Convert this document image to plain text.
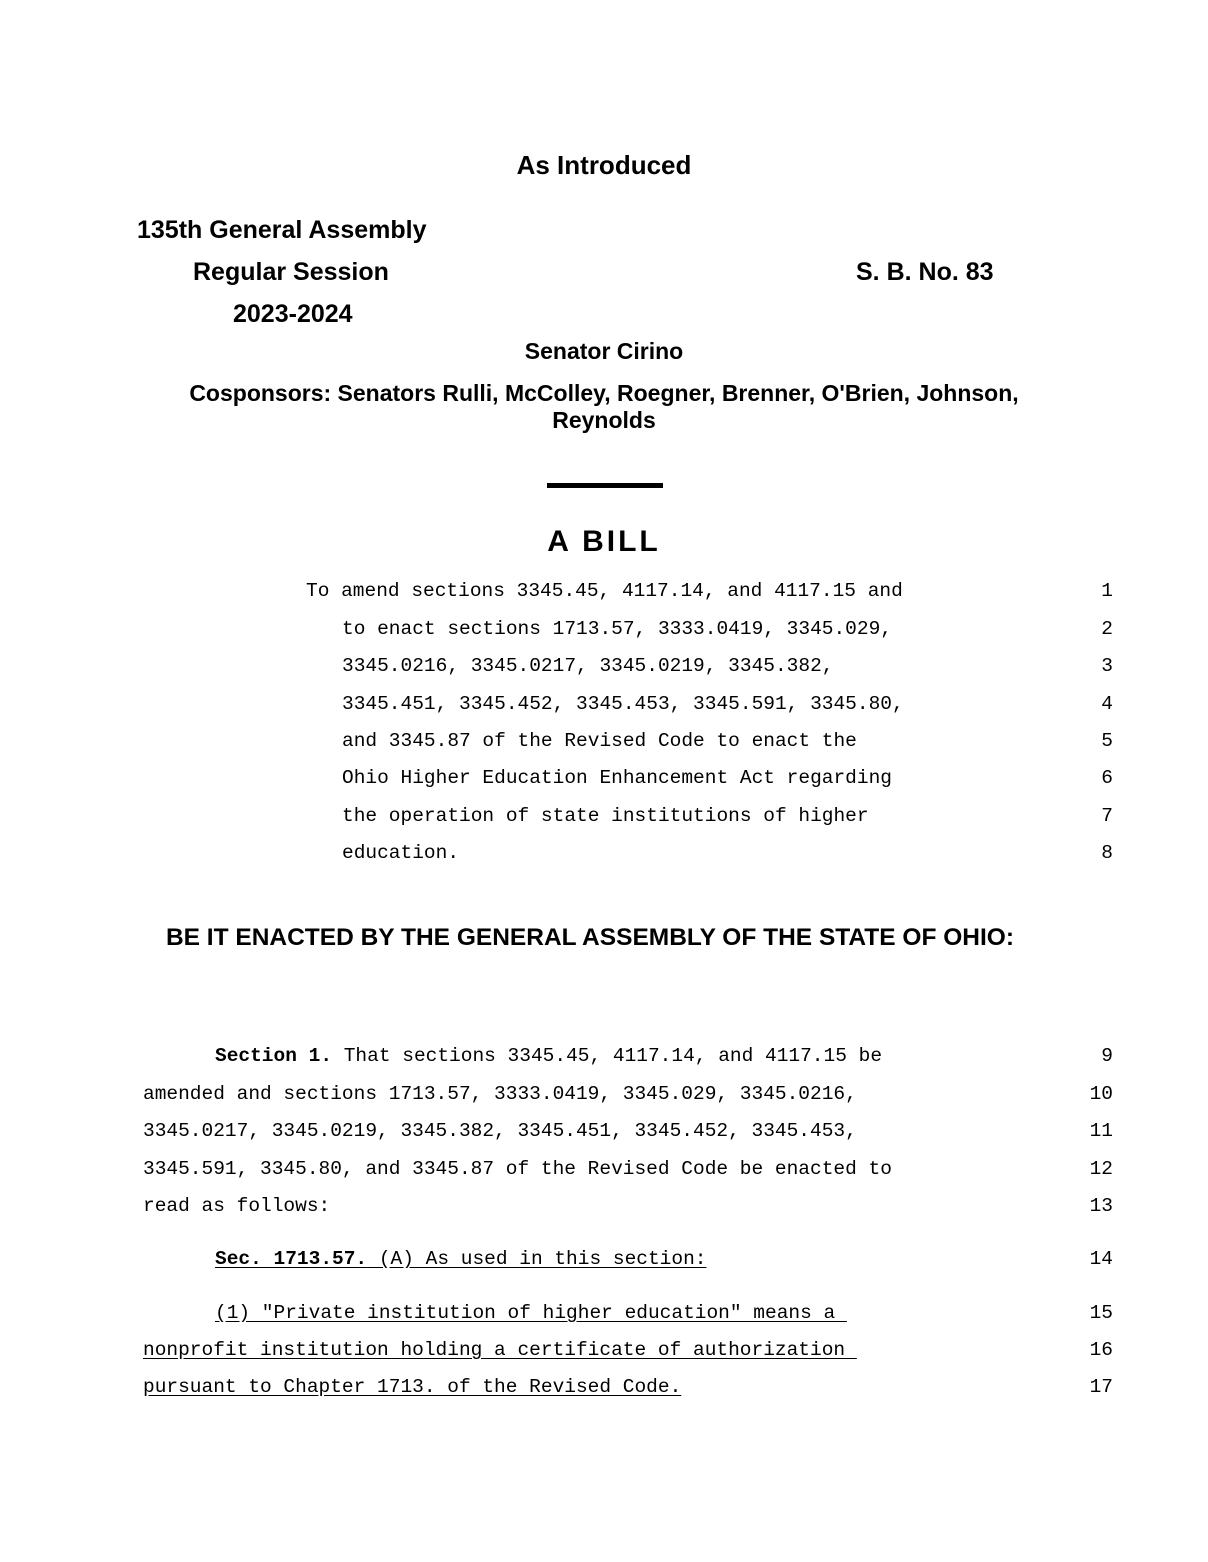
As Introduced
135th General Assembly
Regular Session
2023-2024
S. B. No. 83
Senator Cirino
Cosponsors: Senators Rulli, McColley, Roegner, Brenner, O'Brien, Johnson,
Reynolds
A BILL
To amend sections 3345.45, 4117.14, and 4117.15 and	1
to enact sections 1713.57, 3333.0419, 3345.029,	2
3345.0216, 3345.0217, 3345.0219, 3345.382,	3
3345.451, 3345.452, 3345.453, 3345.591, 3345.80,	4
and 3345.87 of the Revised Code to enact the	5
Ohio Higher Education Enhancement Act regarding	6
the operation of state institutions of higher	7
education.	8
BE IT ENACTED BY THE GENERAL ASSEMBLY OF THE STATE OF OHIO:
Section 1. That sections 3345.45, 4117.14, and 4117.15 be	9
amended and sections 1713.57, 3333.0419, 3345.029, 3345.0216,	10
3345.0217, 3345.0219, 3345.382, 3345.451, 3345.452, 3345.453,	11
3345.591, 3345.80, and 3345.87 of the Revised Code be enacted to	12
read as follows:	13
Sec. 1713.57. (A) As used in this section:	14
(1) "Private institution of higher education" means a	15
nonprofit institution holding a certificate of authorization	16
pursuant to Chapter 1713. of the Revised Code.	17
